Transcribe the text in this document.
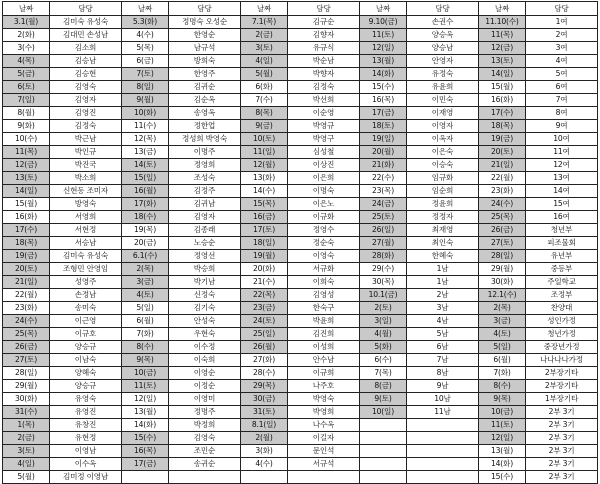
날짜	담당	날짜	담당	날짜	담당	날짜	담당	날짜	담당
3.1(월)	김미숙 유성숙	5.3(화)	정명숙 오성순	7.1(목)	김규순	9.10(금)	손권수	11.10(수)	1여
2(화)	김대민 손성남	4(수)	한영순	2(금)	김향자	11(토)	양승옥	11(목)	2여
3(수)	김소희	5(목)	남규석	3(토)	유규식	12(일)	양승남	12(금)	3여
4(목)	김승남	6(금)	방희숙	4(일)	박순남	13(월)	안영자	13(토)	4여
5(금)	김승현	7(토)	한영주	5(월)	박향자	14(화)	유정숙	14(일)	5여
6(토)	김영숙	8(일)	김귀순	6(화)	김정숙	15(수)	유윤희	15(월)	6여
7(일)	김영자	9(월)	김순옥	7(수)	박선희	16(목)	이민숙	16(화)	7여
8(월)	김영진	10(화)	송영옥	8(목)	이순영	17(금)	이재영	17(수)	8여
9(화)	김정숙	11(수)	정한업	9(금)	박영규	18(토)	이영자	18(목)	9여
10(수)	박근남	12(목)	정성희 박영숙	10(토)	박영구	19(일)	이옥자	19(금)	10여
11(목)	박인규	13(금)	이명주	11(일)	심성철	20(월)	이은숙	20(토)	11여
12(금)	박진국	14(토)	정영희	12(월)	이상진	21(화)	이승숙	21(일)	12여
13(토)	박소희	15(일)	조성숙	13(화)	이은희	22(수)	임규화	22(월)	13여
14(일)	신현동 조미자	16(월)	김정주	14(수)	이명숙	23(목)	임순희	23(화)	14여
15(월)	방영숙	17(화)	김귀남	15(목)	이은노	24(금)	정윤희	24(수)	15여
16(화)	서영희	18(수)	김영자	16(금)	이규화	25(토)	정정자	25(목)	16여
17(수)	서현정	19(목)	김종래	17(토)	정영수	26(일)	최재영	26(금)	청년부
18(목)	서승남	20(금)	노승순	18(일)	정순숙	27(월)	최인숙	27(토)	피조물회
19(금)	김미숙 유성숙	6.1(수)	정영선	19(월)	이영숙	28(화)	한혜숙	28(일)	유년부
20(토)	조형민 안영임	2(목)	박승희	20(화)	서규화	29(수)	1남	29(월)	중등부
21(일)	성영주	3(금)	박기남	21(수)	이희숙	30(목)	1남	30(화)	주일학교
22(월)	손정남	4(토)	신정숙	22(목)	김영성	10.1(금)	2남	12.1(수)	조정부
23(화)	송미숙	5(일)	김기숙	23(금)	한숙구	2(토)	3남	2(목)	찬양대
24(수)	이근영	6(월)	안성숙	24(토)	박윤희	3(일)	4남	3(금)	성인가정
25(목)	이규호	7(화)	우현숙	25(일)	김진희	4(월)	5남	4(토)	청년가정
26(금)	양승규	8(수)	이수정	26(월)	이성희	5(화)	6남	5(일)	중장년가정
27(토)	이남숙	9(목)	이숙희	27(화)	안수남	6(수)	7남	6(월)	나나나나가정
28(일)	양혜숙	10(금)	이영순	28(수)	이규희	7(목)	8남	7(화)	2부장기타
29(월)	양승규	11(토)	이정순	29(목)	나주호	8(금)	9남	8(수)	2부장기타
30(화)	유영숙	12(일)	이영미	30(금)	박영숙	9(토)	10남	9(목)	1부장기타
31(수)	유영진	13(월)	정명주	31(토)	박영희	10(일)	11남	10(금)	2부 3기
1(목)	유창진	14(화)	박정희	8.1(일)	나수옥			11(토)	2부 3기
2(금)	유현정	15(수)	김영숙	2(월)	이길자			12(일)	2부 3기
3(토)	이영남	16(목)	조민순	3(화)	문인석			13(월)	2부 3기
4(일)	이수옥	17(금)	송귀순	4(수)	서규석			14(화)	2부 3기
5(월)	김미정 이영남							15(수)	2부 3기
